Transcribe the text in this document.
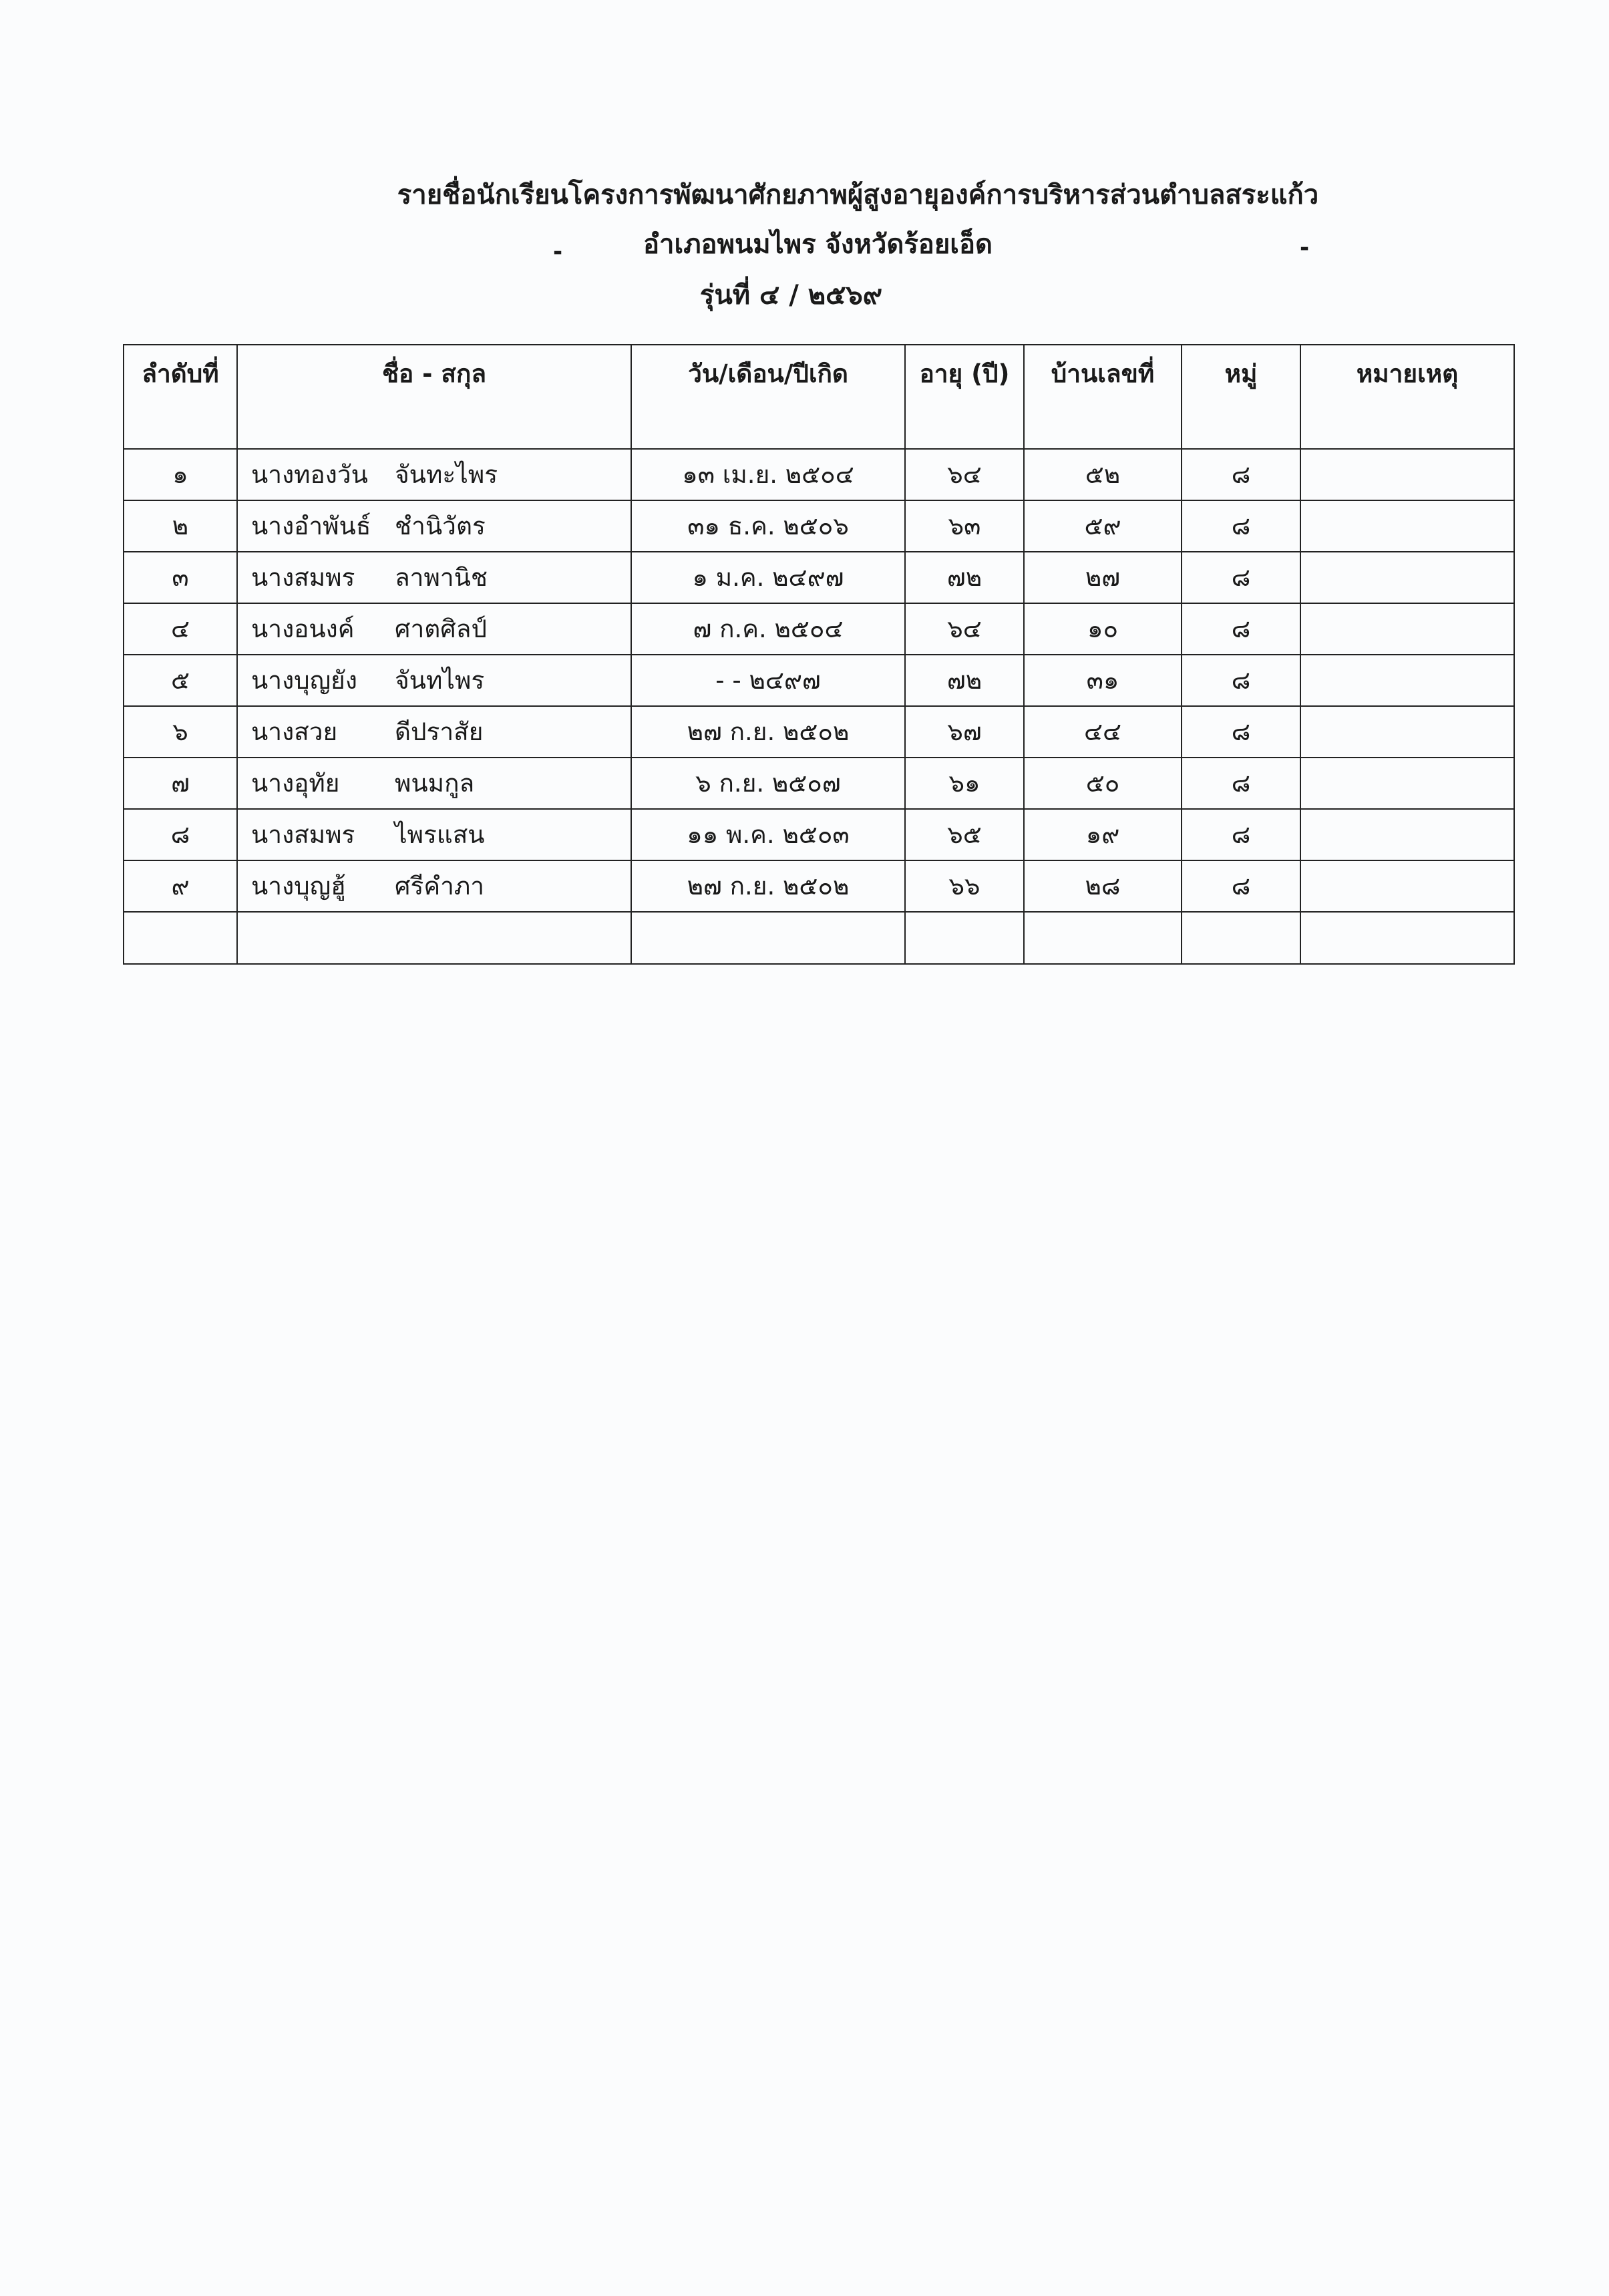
รายชื่อนักเรียนโครงการพัฒนาศักยภาพผู้สูงอายุองค์การบริหารส่วนตำบลสระแก้ว
อำเภอพนมไพร จังหวัดร้อยเอ็ด
รุ่นที่ ๔ / ๒๕๖๙
-	-
ลำดับที่	ชื่อ - สกุล	วัน/เดือน/ปีเกิด	อายุ (ปี)	บ้านเลขที่	หมู่	หมายเหตุ
๑	นางทองวัน จันทะไพร	๑๓ เม.ย. ๒๕๐๔	๖๔	๕๒	๘	
๒	นางอำพันธ์ ชำนิวัตร	๓๑ ธ.ค. ๒๕๐๖	๖๓	๕๙	๘	
๓	นางสมพร ลาพานิช	๑ ม.ค. ๒๔๙๗	๗๒	๒๗	๘	
๔	นางอนงค์ ศาตศิลป์	๗ ก.ค. ๒๕๐๔	๖๔	๑๐	๘	
๕	นางบุญยัง จันทไพร	- - ๒๔๙๗	๗๒	๓๑	๘	
๖	นางสวย ดีปราสัย	๒๗ ก.ย. ๒๕๐๒	๖๗	๔๔	๘	
๗	นางอุทัย พนมกูล	๖ ก.ย. ๒๕๐๗	๖๑	๕๐	๘	
๘	นางสมพร ไพรแสน	๑๑ พ.ค. ๒๕๐๓	๖๕	๑๙	๘	
๙	นางบุญฮู้ ศรีคำภา	๒๗ ก.ย. ๒๕๐๒	๖๖	๒๘	๘	
